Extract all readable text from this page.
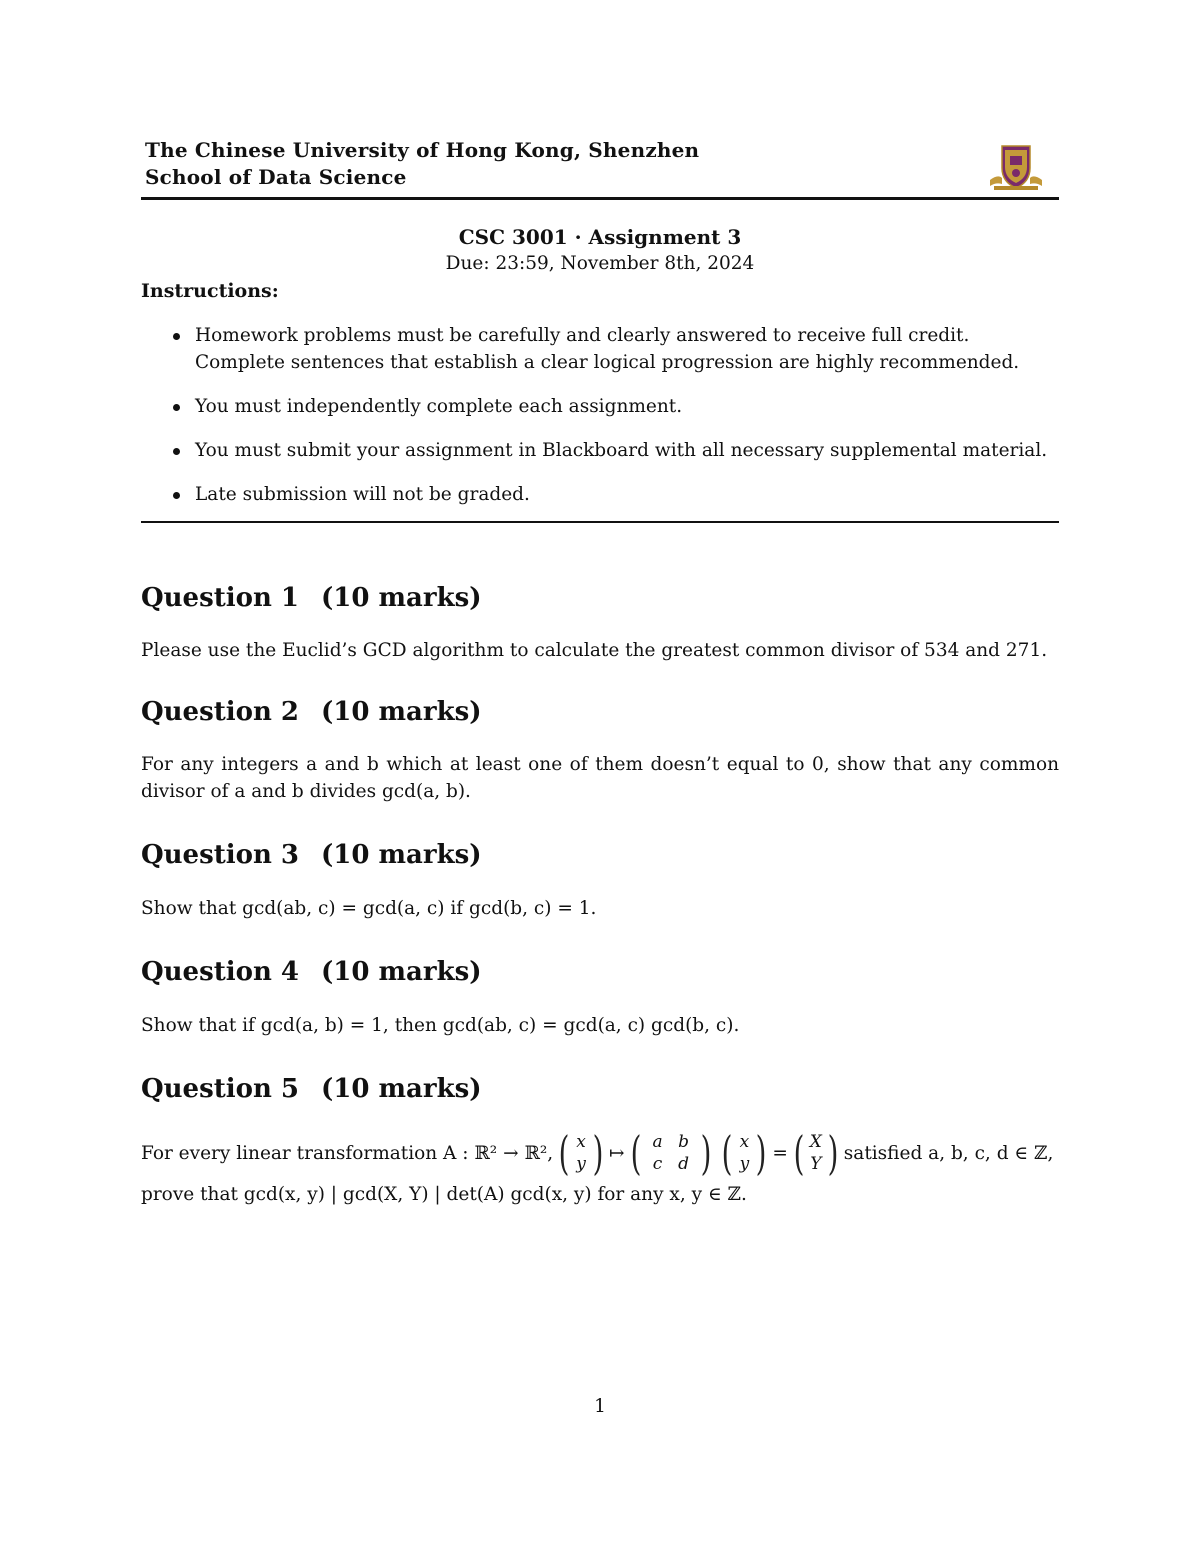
The Chinese University of Hong Kong, Shenzhen
School of Data Science
CSC 3001 · Assignment 3
Due: 23:59, November 8th, 2024
Instructions:
Homework problems must be carefully and clearly answered to receive full credit. Complete sentences that establish a clear logical progression are highly recommended.
You must independently complete each assignment.
You must submit your assignment in Blackboard with all necessary supplemental material.
Late submission will not be graded.
Question 1 (10 marks)
Please use the Euclid’s GCD algorithm to calculate the greatest common divisor of 534 and 271.
Question 2 (10 marks)
For any integers a and b which at least one of them doesn’t equal to 0, show that any common divisor of a and b divides gcd(a, b).
Question 3 (10 marks)
Show that gcd(ab, c) = gcd(a, c) if gcd(b, c) = 1.
Question 4 (10 marks)
Show that if gcd(a, b) = 1, then gcd(ab, c) = gcd(a, c) gcd(b, c).
Question 5 (10 marks)
For every linear transformation A : ℝ² → ℝ², ( x
y ) ↦ ( a b
c d ) ( x
y ) = ( X
Y ) satisfied a, b, c, d ∈ ℤ,
prove that gcd(x, y) | gcd(X, Y) | det(A) gcd(x, y) for any x, y ∈ ℤ.
1
